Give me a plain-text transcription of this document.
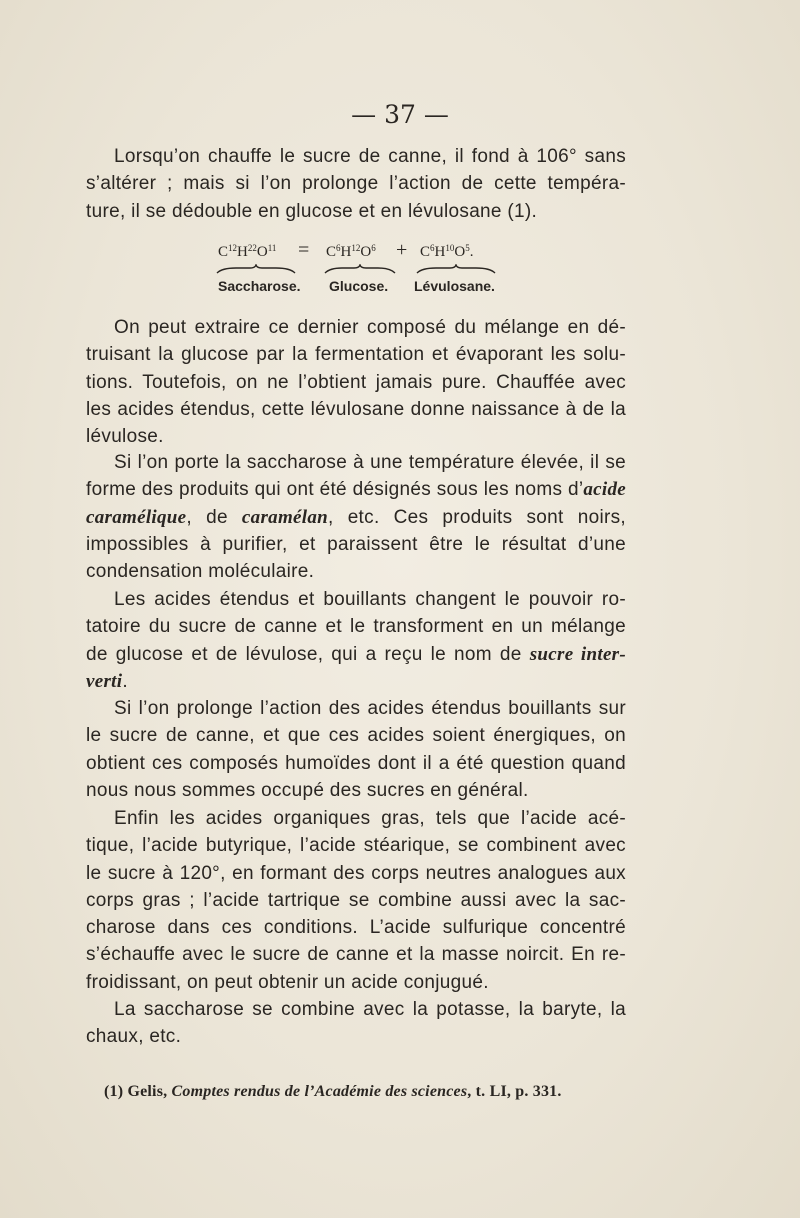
— 37 —

Lorsqu’on chauffe le sucre de canne, il fond à 106° sans
s’altérer ; mais si l’on prolonge l’action de cette tempéra-
ture, il se dédouble en glucose et en lévulosane (1).

$C^{12}H^{22}O^{11} = C^6H^{12}O^6 + C^6H^{10}O^5$.
Saccharose. Glucose. Lévulosane.

On peut extraire ce dernier composé du mélange en dé-
truisant la glucose par la fermentation et évaporant les solu-
tions. Toutefois, on ne l’obtient jamais pure. Chauffée avec
les acides étendus, cette lévulosane donne naissance à de la
lévulose.

Si l’on porte la saccharose à une température élevée, il se
forme des produits qui ont été désignés sous les noms d’acide
caramélique, de caramélan, etc. Ces produits sont noirs,
impossibles à purifier, et paraissent être le résultat d’une
condensation moléculaire.

Les acides étendus et bouillants changent le pouvoir ro-
tatoire du sucre de canne et le transforment en un mélange
de glucose et de lévulose, qui a reçu le nom de sucre inter-
verti.

Si l’on prolonge l’action des acides étendus bouillants sur
le sucre de canne, et que ces acides soient énergiques, on
obtient ces composés humoïdes dont il a été question quand
nous nous sommes occupé des sucres en général.

Enfin les acides organiques gras, tels que l’acide acé-
tique, l’acide butyrique, l’acide stéarique, se combinent avec
le sucre à 120°, en formant des corps neutres analogues aux
corps gras ; l’acide tartrique se combine aussi avec la sac-
charose dans ces conditions. L’acide sulfurique concentré
s’échauffe avec le sucre de canne et la masse noircit. En re-
froidissant, on peut obtenir un acide conjugué.

La saccharose se combine avec la potasse, la baryte, la
chaux, etc.

(1) Gelis, Comptes rendus de l’Académie des sciences, t. LI, p. 331.
